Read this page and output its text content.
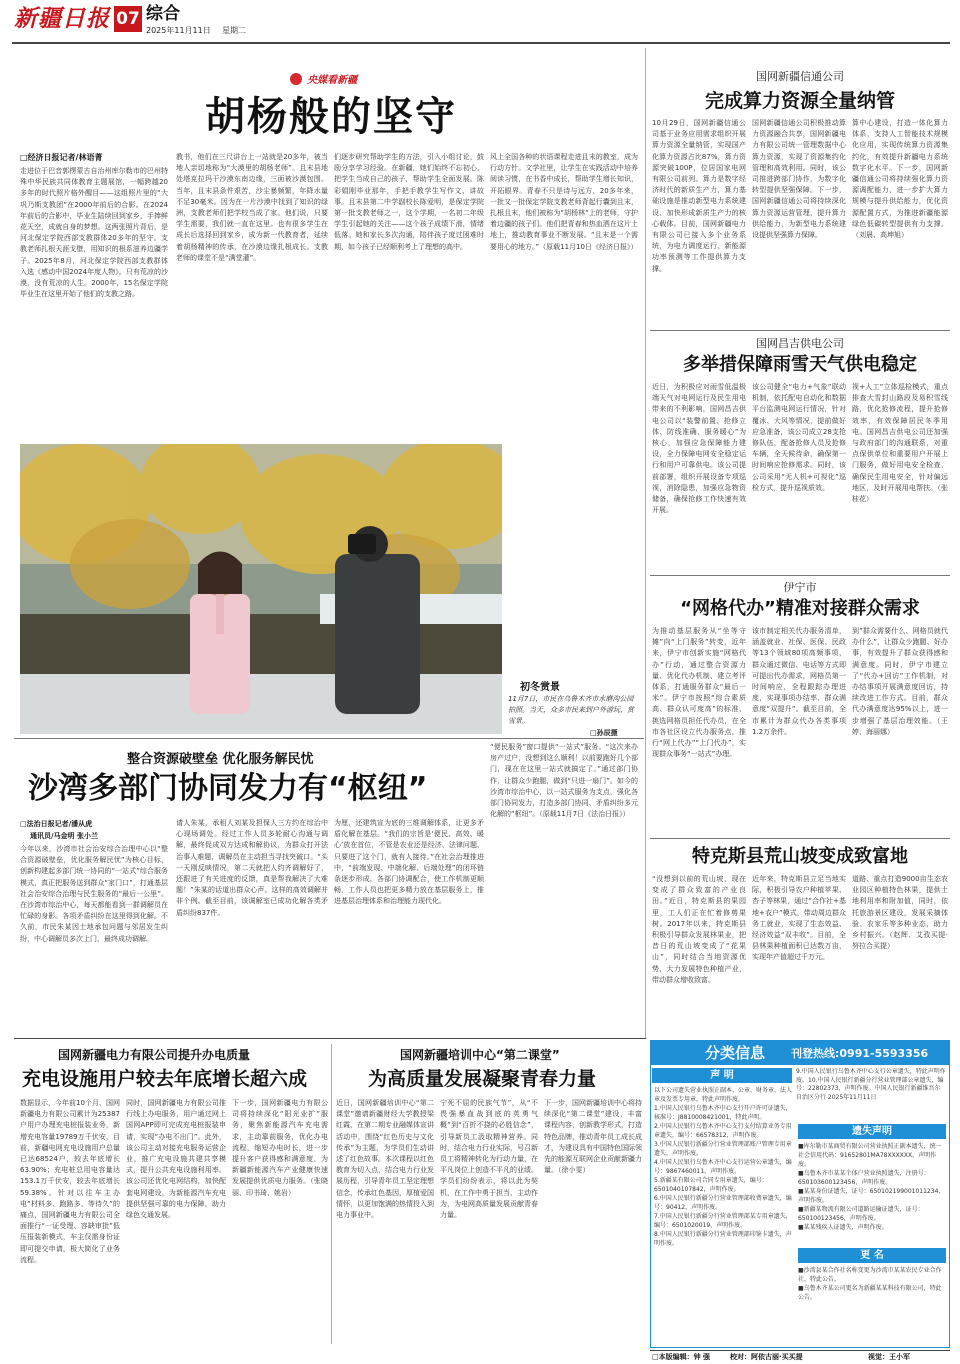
新疆日报 07 综合
2025年11月11日 星期二
央媒看新疆
胡杨般的坚守
□经济日报记者/林语菁
走进位于巴音郭楞蒙古自治州库尔勒市的巴州特殊中华民族共同体教育主题展馆，一幅跨越20多年的时代照片格外醒目——这组照片里的“大巩乃斯支教团”在2000年前后的合影。在2024年前后的合影中，毕业生陆续回到家乡，手捧鲜花天空，成就自身的梦想。这两张照片背后，是河北保定学院西部支教群体20多年的坚守。支教老师扎根天涯戈壁，用知识的根系滋养边疆学子。2025年8月，河北保定学院西部支教群体入选《感动中国2024年度人物》。只有荒凉的沙漠，没有荒凉的人生。2000年，15名保定学院毕业生在这里开始了他们的支教之路。
教书，他们在三尺讲台上一站就是20多年，被当地人亲切地称为“大漠里的胡杨老师”。且末县地处塔克拉玛干沙漠东南边缘，三面被沙漠包围。当年，且末县条件艰苦，沙尘暴频繁，年降水量不足30毫米。因为在一片沙漠中找到了知识的绿洲，支教老师们把学校当成了家。他们说，只要学生需要，我们就一直在这里。也有很多学生在成长后选择回到家乡，成为新一代教育者，延续着胡杨精神的传承，在沙漠边缘扎根成长。支教老师的课堂不是“满堂灌”。
们逐步研究帮助学生的方法，引入小组讨论，鼓励分享学习经验。在新疆，她们始终不忘初心，把学生当成自己的孩子，帮助学生全面发展。陈彩娟刚毕业那年，手把手教学生写作文、讲故事。且末县第二中学副校长陈爱明，是保定学院第一批支教老师之一，这个学期，一名初二年级学生引起她的关注——这个孩子成绩下滑，情绪低落。她和家长多次沟通，陪伴孩子度过困难时期，如今孩子已经顺利考上了理想的高中。
风上全国各种的状语课程走进且末的教室，成为行动方针。文学社里，让学生在实践活动中培养阅读习惯，在书香中成长，帮助学生增长知识，开拓眼界。青春不只是诗与远方，20多年来，一批又一批保定学院支教老师背起行囊到且末，扎根且末，他们被称为“胡杨林”上的老师，守护着边疆的孩子们。他们把青春和热血洒在这片土地上，推动教育事业不断发展。“且末是一个需要用心的地方。”（原载11月10日《经济日报》）
初冬赏景
11月7日，市民在乌鲁木齐市水磨沟公园拍照。当天，众多市民来到户外游玩、赏雪景。
□孙辰摄
整合资源破壁垒 优化服务解民忧
沙湾多部门协同发力有“枢纽”
□法治日报记者/潘从虎
通讯员/马金明 张小兰
今年以来，沙湾市社会治安综合治理中心以“整合资源破壁垒，优化服务解民忧”为核心目标，创新构建起多部门统一协同的“一站式”综合服务模式，真正把服务送到群众“家门口”，打通基层社会治安综合治理与民生服务的“最后一公里”。在沙湾市综治中心，每天都能看到一群调解员在忙碌的身影。各项矛盾纠纷在这里得到化解。不久前，市民朱某因土地承包问题与邻居发生纠纷，中心调解员多次上门，最终成功调解。
请人朱某，承租人刘某及担保人三方约在综治中心现场调处。经过工作人员多轮耐心沟通与调解，最终促成双方达成和解协议，为群众打开法治事人难题，调解员在主动担当寻找突破口。“头一天刚反映情况，第二天就把人约齐调解好了，还跟进了有关进度的反馈，真是帮我解决了大难题！”朱某的话道出群众心声。这样的高效调解并非个例。截至目前，该调解室已成功化解各类矛盾纠纷837件。
为厘，还建筑宣为底的三维调解体系，让更多矛盾化解在基层。“我们的宗旨是‘便民、高效、暖心’放在首位，不管是农业还是经济、法律问题，只要进了这个门，就有人接待。”在社会治理推进中，“前端发现、中端化解、后端处理”的闭环链条逐步形成，各部门协调配合，使工作机制更顺畅，工作人员也把更多精力放在基层服务上，推进基层治理体系和治理能力现代化。
“便民服务”窗口提供“一站式”服务。“这次来办房产过户，没想到这么顺利！以前要跑好几个部门，现在在这里一站式就搞定了。”通过部门协作，让群众少跑腿，做到“只进一扇门”。如今的沙湾市综治中心，以一站式服务为支点，强化各部门协同发力，打造多部门协同、矛盾纠纷多元化解的“枢纽”。（原载11月7日《法治日报》）
国网新疆信通公司
完成算力资源全量纳管
10月29日，国网新疆信通公司基于业务应用需求组织开展算力资源全量纳管，实现国产化算力资源占比87%，算力资源突破100P，位居国家电网有限公司前列。算力是数字经济时代的新质生产力，算力基础设施是推动新型电力系统建设、加快形成新质生产力的核心载体。目前，国网新疆电力有限公司已接入多个业务系统，为电力调度运行、新能源功率预测等工作提供算力支撑。
国网新疆信通公司积极推动算力资源融合共享，国网新疆电力有限公司统一管理数据中心算力资源，实现了资源集约化管理和高效利用。同时，该公司推进跨部门协作，为数字化转型提供坚强保障。下一步，国网新疆信通公司将持续深化算力资源运营管理，提升算力供给能力，为新型电力系统建设提供坚强算力保障。
算中心建设，打造一体化算力体系，支持人工智能技术规模化应用，实现传统算力资源集约化，有效提升新疆电力系统数字化水平。下一步，国网新疆信通公司将持续强化算力资源调配能力，进一步扩大算力规模与提升供给能力，优化资源配置方式，为推进新疆能源绿色低碳转型提供有力支撑。（刘晨、高坤旭）
国网昌吉供电公司
多举措保障雨雪天气供电稳定
近日，为积极应对雨雪低温极端天气对电网运行及民生用电带来的不利影响，国网昌吉供电公司以“装警前置、抢修立体、防线准确、服务暖心”为核心，加强应急保障能力建设，全力保障电网安全稳定运行和用户可靠供电。该公司提前部署，组织开展设备专项巡视，消除隐患，加强应急物资储备，确保抢修工作快速有效开展。
该公司健全“电力+气象”联动机制，依托配电自动化和数据平台监测电网运行情况，针对覆冰、大风等情况，提前做好应急准备，该公司成立28支抢修队伍，配备抢修人员及抢修车辆，全天候待命，确保第一时间响应抢修需求。同时，该公司采用“无人机+可视化”巡检方式，提升巡视质效。
视+人工”立体巡检模式，重点排查大雪封山路段及易积雪线路，优化抢修流程，提升抢修效率，有效保障居民冬季用电。国网昌吉供电公司还加强与政府部门的沟通联系，对重点保供单位和重要用户开展上门服务，做好用电安全检查，确保民生用电安全，针对偏远地区，及时开展用电帮扶。（张桂花）
伊宁市
“网格代办”精准对接群众需求
为推动基层服务从“坐等守摊”向“上门服务”转变，近年来，伊宁市创新实施“网格代办”行动，通过整合资源力量、优化代办机制、建立考评体系，打通服务群众“最后一米”。伊宁市按照“综合素质高、群众认可度高”的标准，挑选网格员担任代办员，在全市各社区设立代办服务点，推行“网上代办”“上门代办”，实现群众事务“一站式”办理。
该市制定相关代办服务清单，涵盖就业、社保、医保、民政等13个领域80项高频事项，群众通过微信、电话等方式即可提出代办需求，网格员第一时间响应，全程跟踪办理进度，实现事项办结率、群众满意度“双提升”。截至目前，全市累计为群众代办各类事项1.2万余件。
到”群众需要什么、网格员就代办什么”，让群众少跑腿、好办事，有效提升了群众获得感和满意度。同时，伊宁市建立了“代办+回访”工作机制，对办结事项开展满意度回访，持续改进工作方式。目前，群众代办满意度达95%以上，进一步增强了基层治理效能。（王婷、海丽娜）
特克斯县荒山坡变成致富地
“没想到以前的荒山坡，现在变成了群众致富的产业良田。”近日，特克斯县的果园里，工人们正在忙着修剪果树。2017年以来，特克斯县积极引导群众发展林果业，把昔日的荒山坡变成了“花果山”，同时结合当地资源优势，大力发展特色种植产业，带动群众增收致富。
近年来，特克斯县立足当地实际，积极引导农户种植苹果、杏子等林果，通过“合作社+基地+农户”模式，带动周边群众务工就业，实现了生态效益、经济效益“双丰收”。目前，全县林果种植面积已达数万亩，实现年产值超过千万元。
道路、重点打造9000亩生态农业园区种植特色林果，提供土地利用率和附加值，同时，依托旅游景区建设，发展采摘体验、农家乐等多种业态，助力乡村振兴。（赵辉、艾孜买提·努拉合买提）
国网新疆电力有限公司提升办电质量
充电设施用户较去年底增长超六成
数据显示，今年前10个月，国网新疆电力有限公司累计为25387户用户办理充电桩报装业务，新增充电容量19789万千伏安，目前，新疆电网充电设施用户总量已达68524户，较去年底增长63.90%；充电桩总用电容量达153.1万千伏安，较去年底增长59.38%。针对以往车主办电“材料多、跑路多、等待久”的痛点，国网新疆电力有限公司全面推行“一证受理、容缺审批”低压报装新模式，车主仅需身份证即可提交申请，极大简化了业务流程。
同时，国网新疆电力有限公司推行线上办电服务，用户通过网上国网APP即可完成充电桩报装申请，实现“办电不出门”。此外，该公司主动对接充电服务运营企业，推广充电设施共建共享模式，提升公共充电设施利用率。该公司还优化电网结构，加快配套电网建设，为新能源汽车充电提供坚强可靠的电力保障，助力绿色交通发展。
下一步，国网新疆电力有限公司将持续深化“阳光业扩”服务，聚焦新能源汽车充电需求，主动靠前服务，优化办电流程，缩短办电时长，进一步提升客户获得感和满意度，为新疆新能源汽车产业健康快速发展提供优质电力服务。（张晓丽、印书琦、姚岩）
国网新疆培训中心“第二课堂”
为高质量发展凝聚青春力量
近日，国网新疆培训中心“第二课堂”邀请新疆财经大学教授梁红霞，在第二期专业融媒体宣讲活动中，围绕“红色历史与文化传承”为主题，为学员们生动讲述了红色故事。本次课程以红色教育为切入点，结合电力行业发展历程，引导青年员工坚定理想信念，传承红色基因，厚植爱国情怀，以更加饱满的热情投入到电力事业中。
宁死不屈的民族气节”，从“不畏强暴血战到底的英勇气概”到“百折不挠的必胜信念”，引导新员工汲取精神营养。同时，结合电力行业实际，号召新员工将精神转化为行动力量，在平凡岗位上创造不平凡的业绩。学员们纷纷表示，将以此为契机，在工作中勇于担当、主动作为，为电网高质量发展贡献青春力量。
下一步，国网新疆培训中心将持续深化“第二课堂”建设，丰富课程内容，创新教学形式，打造特色品牌，推动青年员工成长成才，为建设具有中国特色国际领先的能源互联网企业贡献新疆力量。（徐小雯）
分类信息 刊登热线:0991-5593356
声 明
以下公司遗失营业执照正副本、公章、财务章、法人章及发票专用章，特此声明作废。
1.中国人民银行乌鲁木齐中心支行开户许可证遗失，核准号：J8810008421001，特此声明。
2.中国人民银行乌鲁木齐中心支行支付结算业务专用章遗失，编号：66578312，声明作废。
3.中国人民银行新疆分行营业管理部账户管理专用章遗失，声明作废。
4.中国人民银行乌鲁木齐中心支行运营公章遗失，编号：9867460011，声明作废。
5.新疆某有限公司合同专用章遗失，编号：6501040107842，声明作废。
6.中国人民银行新疆分行营业管理部收费章遗失，编号：90412，声明作废。
7.中国人民银行新疆分行营业管理部某专用章遗失，编号：6501020019，声明作废。
8.中国人民银行新疆分行营业管理部印鉴卡遗失，声明作废。
9.中国人民银行乌鲁木齐中心支行公章遗失，特此声明作废。10.中国人民银行新疆分行营业管理部公章遗失，编号：22802373，声明作废。中国人民银行新疆维吾尔自治区分行 2025年11月11日
遗失声明
■库尔勒市某商贸有限公司营业执照正副本遗失，统一社会信用代码：91652801MA78XXXXXX，声明作废。
■乌鲁木齐市某某个体户营业执照遗失，注册号：650103600123456，声明作废。
■某某身份证遗失，证号：650102199001011234，声明作废。
■新疆某物流有限公司道路运输证遗失，证号：650100123456，声明作废。
■某某残疾人证遗失，声明作废。
更 名
■沙湾县某合作社名称变更为沙湾市某某农民专业合作社，特此公告。
■乌鲁木齐某公司更名为新疆某某科技有限公司，特此公告。
□本版编辑：钟 强	校对：阿依古丽·买买提	视觉：王小军
